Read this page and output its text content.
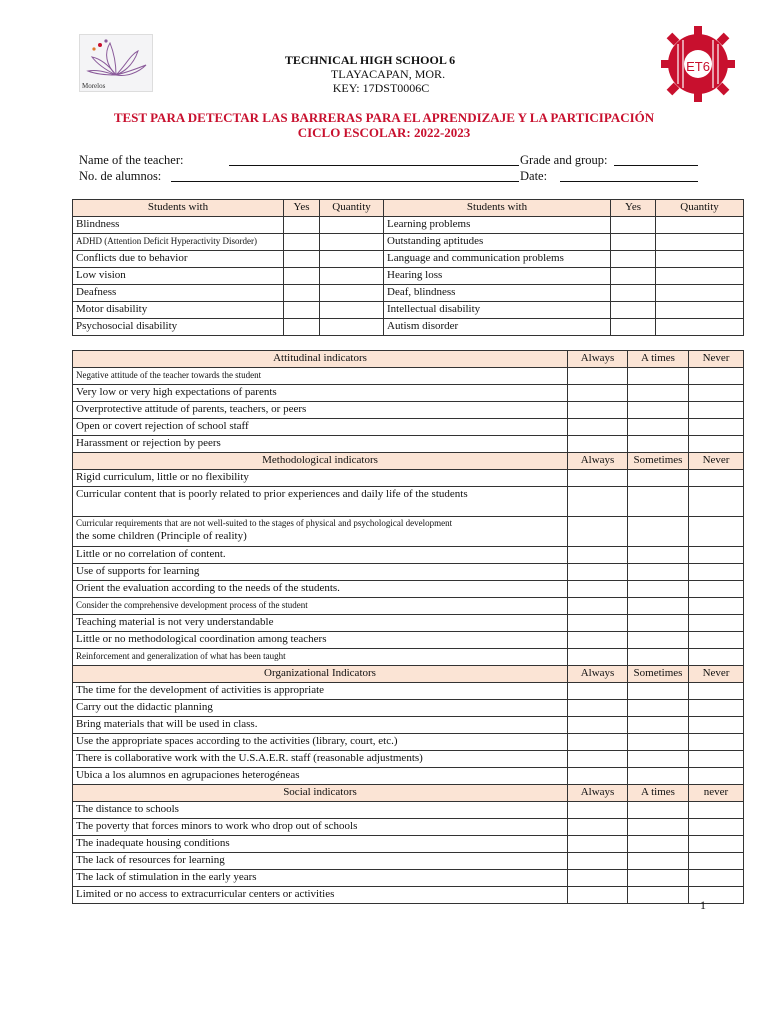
Morelos
ET6
TECHNICAL HIGH SCHOOL 6
TLAYACAPAN, MOR.
KEY: 17DST0006C
TEST PARA DETECTAR LAS BARRERAS PARA EL APRENDIZAJE Y LA PARTICIPACIÓN
CICLO ESCOLAR: 2022-2023
Name of the teacher:	Grade and group:
No. de alumnos:	Date:
Students with	Yes	Quantity	Students with	Yes	Quantity
Blindness			Learning problems		
ADHD (Attention Deficit Hyperactivity Disorder)			Outstanding aptitudes		
Conflicts due to behavior			Language and communication problems		
Low vision			Hearing loss		
Deafness			Deaf, blindness		
Motor disability			Intellectual disability		
Psychosocial disability			Autism disorder		
Attitudinal indicators	Always	A times	Never
Negative attitude of the teacher towards the student			
Very low or very high expectations of parents			
Overprotective attitude of parents, teachers, or peers			
Open or covert rejection of school staff			
Harassment or rejection by peers			
Methodological indicators	Always	Sometimes	Never
Rigid curriculum, little or no flexibility			
Curricular content that is poorly related to prior experiences and daily life of the students			

Curricular requirements that are not well-suited to the stages of physical and psychological development
the some children (Principle of reality)			

Little or no correlation of content.			
Use of supports for learning			
Orient the evaluation according to the needs of the students.			
Consider the comprehensive development process of the student			
Teaching material is not very understandable			
Little or no methodological coordination among teachers			
Reinforcement and generalization of what has been taught			
Organizational Indicators	Always	Sometimes	Never
The time for the development of activities is appropriate			
Carry out the didactic planning			
Bring materials that will be used in class.			
Use the appropriate spaces according to the activities (library, court, etc.)			
There is collaborative work with the U.S.A.E.R. staff (reasonable adjustments)			
Ubica a los alumnos en agrupaciones heterogéneas			
Social indicators	Always	A times	never
The distance to schools			
The poverty that forces minors to work who drop out of schools			
The inadequate housing conditions			
The lack of resources for learning			
The lack of stimulation in the early years			
Limited or no access to extracurricular centers or activities			
1
